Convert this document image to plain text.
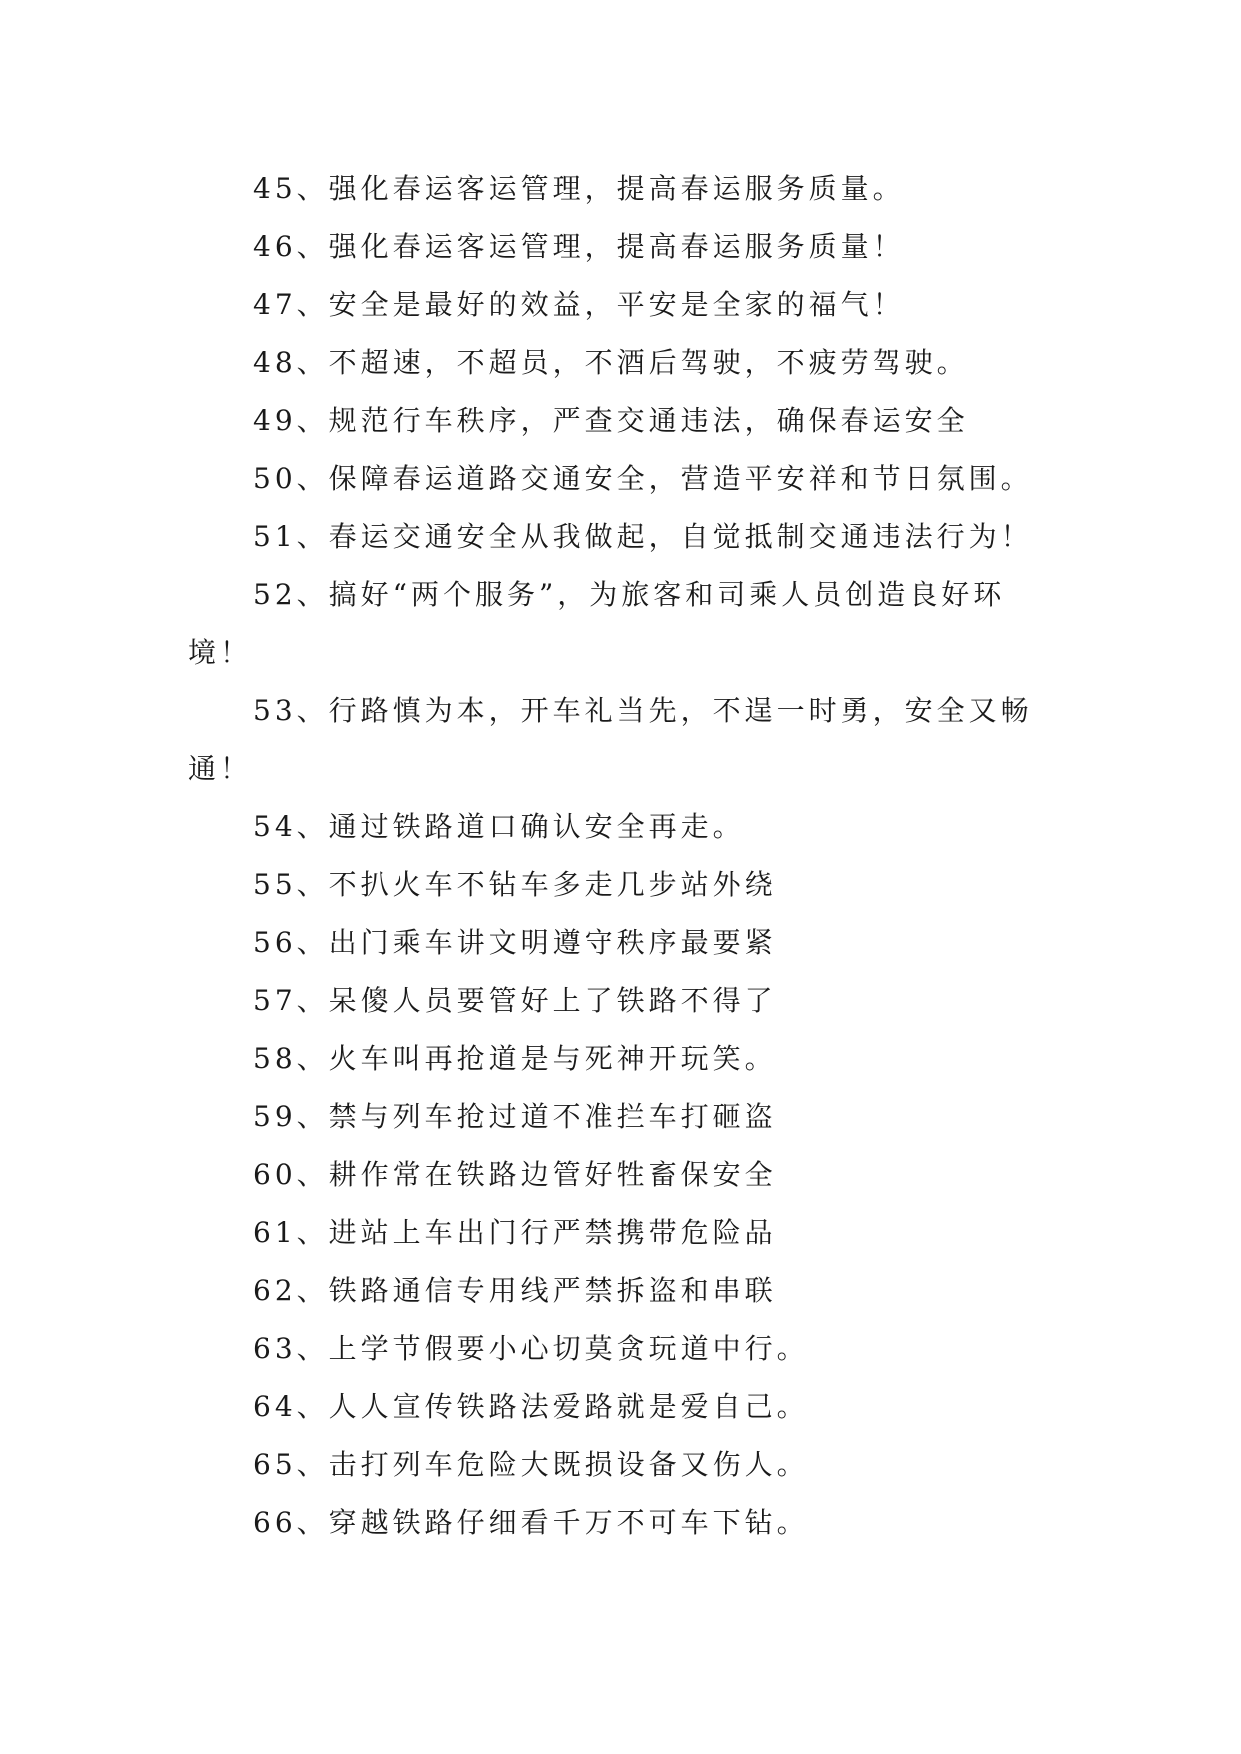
45、强化春运客运管理，提高春运服务质量。
46、强化春运客运管理，提高春运服务质量！
47、安全是最好的效益，平安是全家的福气！
48、不超速，不超员，不酒后驾驶，不疲劳驾驶。
49、规范行车秩序，严查交通违法，确保春运安全
50、保障春运道路交通安全，营造平安祥和节日氛围。
51、春运交通安全从我做起，自觉抵制交通违法行为！
52、搞好“两个服务”，为旅客和司乘人员创造良好环境！
53、行路慎为本，开车礼当先，不逞一时勇，安全又畅通！
54、通过铁路道口确认安全再走。
55、不扒火车不钻车多走几步站外绕
56、出门乘车讲文明遵守秩序最要紧
57、呆傻人员要管好上了铁路不得了
58、火车叫再抢道是与死神开玩笑。
59、禁与列车抢过道不准拦车打砸盗
60、耕作常在铁路边管好牲畜保安全
61、进站上车出门行严禁携带危险品
62、铁路通信专用线严禁拆盗和串联
63、上学节假要小心切莫贪玩道中行。
64、人人宣传铁路法爱路就是爱自己。
65、击打列车危险大既损设备又伤人。
66、穿越铁路仔细看千万不可车下钻。
